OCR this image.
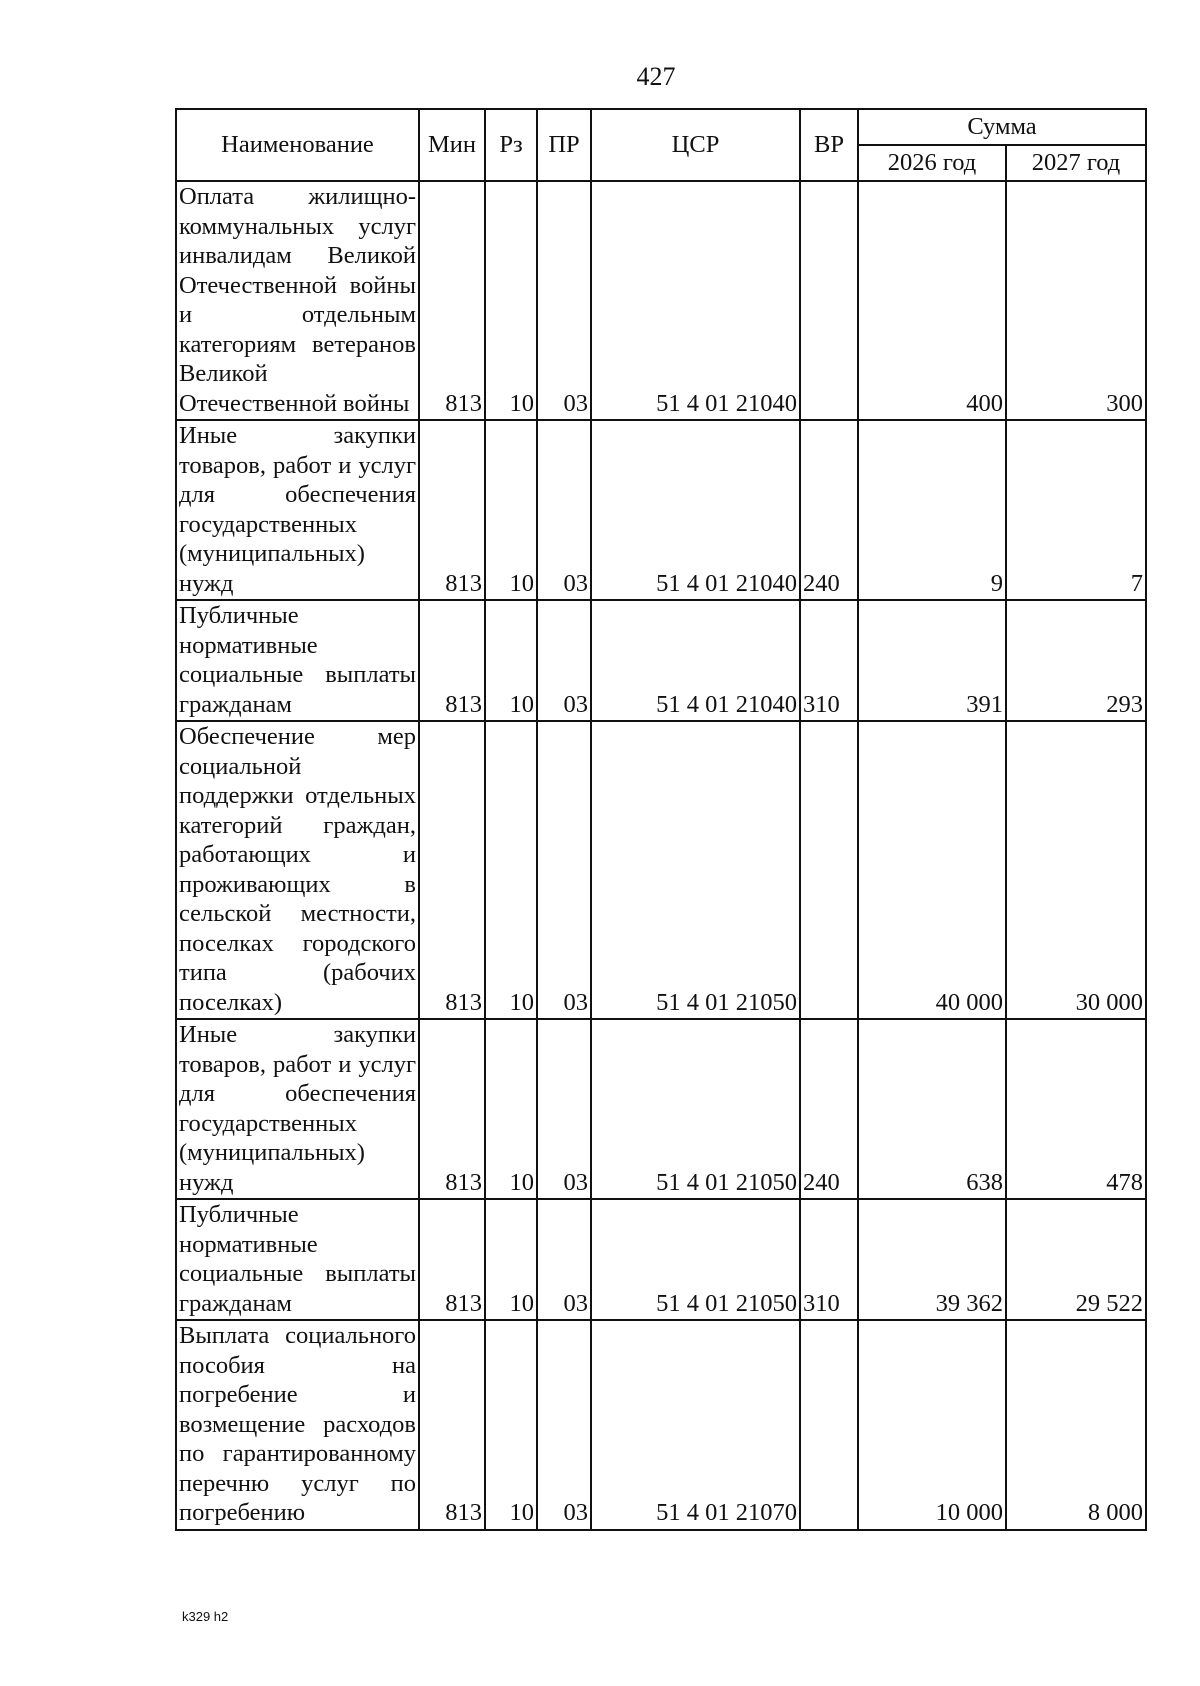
427
Наименование	Мин	Рз	ПР	ЦСР	ВР	Сумма	
						2026 год	2027 год
Оплата жилищно-коммунальных услуг инвалидам Великой Отечественной войны и отдельным категориям ветеранов Великой Отечественной войны	813	10	03	51 4 01 21040		400	300
Иные закупки товаров, работ и услуг для обеспечения государственных (муниципальных) нужд	813	10	03	51 4 01 21040	240	9	7
Публичные нормативные социальные выплаты гражданам	813	10	03	51 4 01 21040	310	391	293
Обеспечение мер социальной поддержки отдельных категорий граждан, работающих и проживающих в сельской местности, поселках городского типа (рабочих поселках)	813	10	03	51 4 01 21050		40 000	30 000
Иные закупки товаров, работ и услуг для обеспечения государственных (муниципальных) нужд	813	10	03	51 4 01 21050	240	638	478
Публичные нормативные социальные выплаты гражданам	813	10	03	51 4 01 21050	310	39 362	29 522
Выплата социального пособия на погребение и возмещение расходов по гарантированному перечню услуг по погребению	813	10	03	51 4 01 21070		10 000	8 000
k329 h2
